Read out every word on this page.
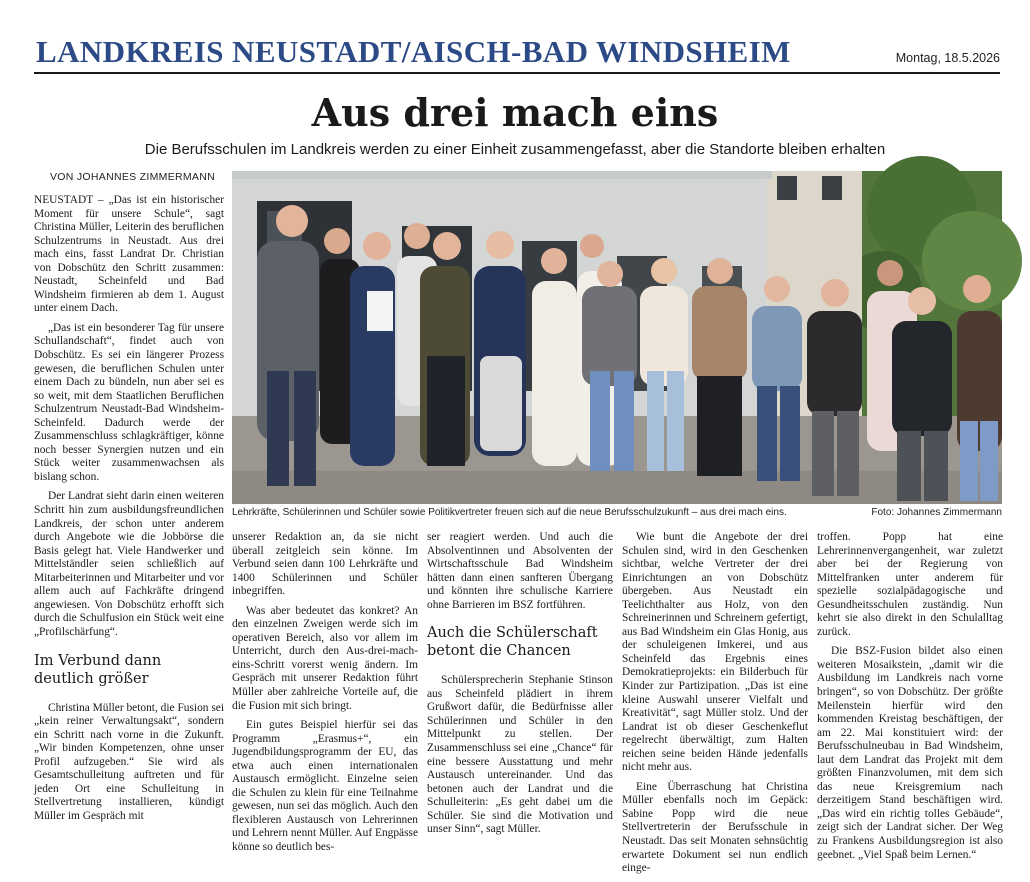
LANDKREIS NEUSTADT/AISCH-BAD WINDSHEIM	Montag, 18.5.2026
Aus drei mach eins
Die Berufsschulen im Landkreis werden zu einer Einheit zusammengefasst, aber die Standorte bleiben erhalten
VON JOHANNES ZIMMERMANN

NEUSTADT – „Das ist ein historischer Moment für unsere Schule“, sagt Christina Müller, Leiterin des beruflichen Schulzentrums in Neustadt. Aus drei mach eins, fasst Landrat Dr. Christian von Dobschütz den Schritt zusammen: Neustadt, Scheinfeld und Bad Windsheim firmieren ab dem 1. August unter einem Dach.

„Das ist ein besonderer Tag für unsere Schullandschaft“, findet auch von Dobschütz. Es sei ein längerer Prozess gewesen, die beruflichen Schulen unter einem Dach zu bündeln, nun aber sei es so weit, mit dem Staatlichen Beruflichen Schulzentrum Neustadt-Bad Windsheim-Scheinfeld. Dadurch werde der Zusammenschluss schlagkräftiger, könne noch besser Synergien nutzen und ein Stück weiter zusammenwachsen als bislang schon.

Der Landrat sieht darin einen weiteren Schritt hin zum ausbildungsfreundlichen Landkreis, der schon unter anderem durch Angebote wie die Jobbörse die Basis gelegt hat. Viele Handwerker und Mittelständler seien schließlich auf Mitarbeiterinnen und Mitarbeiter und vor allem auch auf Fachkräfte dringend angewiesen. Von Dobschütz erhofft sich durch die Schulfusion ein Stück weit eine „Profilschärfung“.

Im Verbund dann deutlich größer

Christina Müller betont, die Fusion sei „kein reiner Verwaltungsakt“, sondern ein Schritt nach vorne in die Zukunft. „Wir binden Kompetenzen, ohne unser Profil aufzugeben.“ Sie wird als Gesamtschulleitung auftreten und für jeden Ort eine Schulleitung in Stellvertretung installieren, kündigt Müller im Gespräch mit

Lehrkräfte, Schülerinnen und Schüler sowie Politikvertreter freuen sich auf die neue Berufsschulzukunft – aus drei mach eins.	Foto: Johannes Zimmermann

unserer Redaktion an, da sie nicht überall zeitgleich sein könne. Im Verbund seien dann 100 Lehrkräfte und 1400 Schülerinnen und Schüler inbegriffen.

Was aber bedeutet das konkret? An den einzelnen Zweigen werde sich im operativen Bereich, also vor allem im Unterricht, durch den Aus-drei-mach-eins-Schritt vorerst wenig ändern. Im Gespräch mit unserer Redaktion führt Müller aber zahlreiche Vorteile auf, die die Fusion mit sich bringt.

Ein gutes Beispiel hierfür sei das Programm „Erasmus+“, ein Jugendbildungsprogramm der EU, das etwa auch einen internationalen Austausch ermöglicht. Einzelne seien die Schulen zu klein für eine Teilnahme gewesen, nun sei das möglich. Auch den flexibleren Austausch von Lehrerinnen und Lehrern nennt Müller. Auf Engpässe könne so deutlich bes-

ser reagiert werden. Und auch die Absolventinnen und Absolventen der Wirtschaftsschule Bad Windsheim hätten dann einen sanfteren Übergang und könnten ihre schulische Karriere ohne Barrieren im BSZ fortführen.

Auch die Schülerschaft betont die Chancen

Schülersprecherin Stephanie Stinson aus Scheinfeld plädiert in ihrem Grußwort dafür, die Bedürfnisse aller Schülerinnen und Schüler in den Mittelpunkt zu stellen. Der Zusammenschluss sei eine „Chance“ für eine bessere Ausstattung und mehr Austausch untereinander. Und das betonen auch der Landrat und die Schulleiterin: „Es geht dabei um die Schüler. Sie sind die Motivation und unser Sinn“, sagt Müller.

Wie bunt die Angebote der drei Schulen sind, wird in den Geschenken sichtbar, welche Vertreter der drei Einrichtungen an von Dobschütz übergeben. Aus Neustadt ein Teelichthalter aus Holz, von den Schreinerinnen und Schreinern gefertigt, aus Bad Windsheim ein Glas Honig, aus der schuleigenen Imkerei, und aus Scheinfeld das Ergebnis eines Demokratieprojekts: ein Bilderbuch für Kinder zur Partizipation. „Das ist eine kleine Auswahl unserer Vielfalt und Kreativität“, sagt Müller stolz. Und der Landrat ist ob dieser Geschenkeflut regelrecht überwältigt, zum Halten reichen seine beiden Hände jedenfalls nicht mehr aus.

Eine Überraschung hat Christina Müller ebenfalls noch im Gepäck: Sabine Popp wird die neue Stellvertreterin der Berufsschule in Neustadt. Das seit Monaten sehnsüchtig erwartete Dokument sei nun endlich einge-

troffen. Popp hat eine Lehrerinnenvergangenheit, war zuletzt aber bei der Regierung von Mittelfranken unter anderem für spezielle sozialpädagogische und Gesundheitsschulen zuständig. Nun kehrt sie also direkt in den Schulalltag zurück.

Die BSZ-Fusion bildet also einen weiteren Mosaikstein, „damit wir die Ausbildung im Landkreis nach vorne bringen“, so von Dobschütz. Der größte Meilenstein hierfür wird den kommenden Kreistag beschäftigen, der am 22. Mai konstituiert wird: der Berufsschulneubau in Bad Windsheim, laut dem Landrat das Projekt mit dem größten Finanzvolumen, mit dem sich das neue Kreisgremium nach derzeitigem Stand beschäftigen wird. „Das wird ein richtig tolles Gebäude“, zeigt sich der Landrat sicher. Der Weg zu Frankens Ausbildungsregion ist also geebnet. „Viel Spaß beim Lernen.“
